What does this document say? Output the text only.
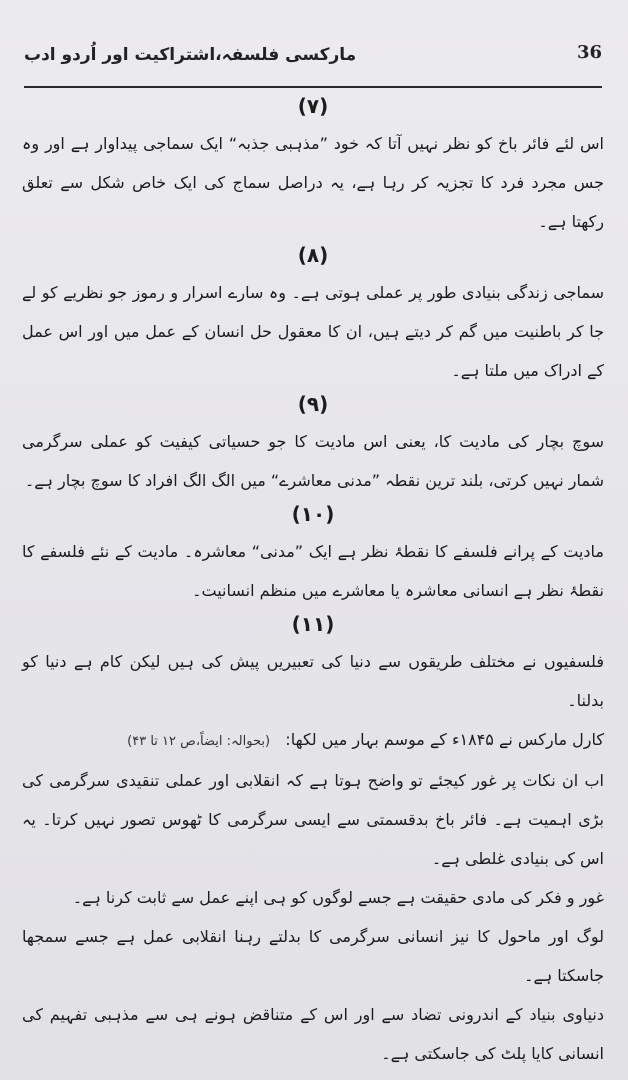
مارکسی فلسفہ،اشتراکیت اور اُردو ادب	36
(۷)

اس لئے فائر باخ کو نظر نہیں آتا کہ خود ”مذہبی جذبہ“ ایک سماجی پیداوار ہے اور وہ جس مجرد فرد کا تجزیہ کر رہا ہے، یہ دراصل سماج کی ایک خاص شکل سے تعلق رکھتا ہے۔

(۸)

سماجی زندگی بنیادی طور پر عملی ہوتی ہے۔ وہ سارے اسرار و رموز جو نظریے کو لے جا کر باطنیت میں گم کر دیتے ہیں، ان کا معقول حل انسان کے عمل میں اور اس عمل کے ادراک میں ملتا ہے۔

(۹)

سوچ بچار کی مادیت کا، یعنی اس مادیت کا جو حسیاتی کیفیت کو عملی سرگرمی شمار نہیں کرتی، بلند ترین نقطہ ”مدنی معاشرے“ میں الگ الگ افراد کا سوچ بچار ہے۔

(۱۰)

مادیت کے پرانے فلسفے کا نقطۂ نظر ہے ایک ”مدنی“ معاشرہ۔ مادیت کے نئے فلسفے کا نقطۂ نظر ہے انسانی معاشرہ یا معاشرے میں منظم انسانیت۔

(۱۱)

فلسفیوں نے مختلف طریقوں سے دنیا کی تعبیریں پیش کی ہیں لیکن کام ہے دنیا کو بدلنا۔

کارل مارکس نے ۱۸۴۵ء کے موسم بہار میں لکھا:   (بحوالہ: ایضاً،ص ۱۲ تا ۴۳)

اب ان نکات پر غور کیجئے تو واضح ہوتا ہے کہ انقلابی اور عملی تنقیدی سرگرمی کی بڑی اہمیت ہے۔ فائر باخ بدقسمتی سے ایسی سرگرمی کا ٹھوس تصور نہیں کرتا۔ یہ اس کی بنیادی غلطی ہے۔

غور و فکر کی مادی حقیقت ہے جسے لوگوں کو ہی اپنے عمل سے ثابت کرنا ہے۔

لوگ اور ماحول کا نیز انسانی سرگرمی کا بدلتے رہنا انقلابی عمل ہے جسے سمجھا جاسکتا ہے۔

دنیاوی بنیاد کے اندرونی تضاد سے اور اس کے متناقض ہونے ہی سے مذہبی تفہیم کی انسانی کایا پلٹ کی جاسکتی ہے۔
